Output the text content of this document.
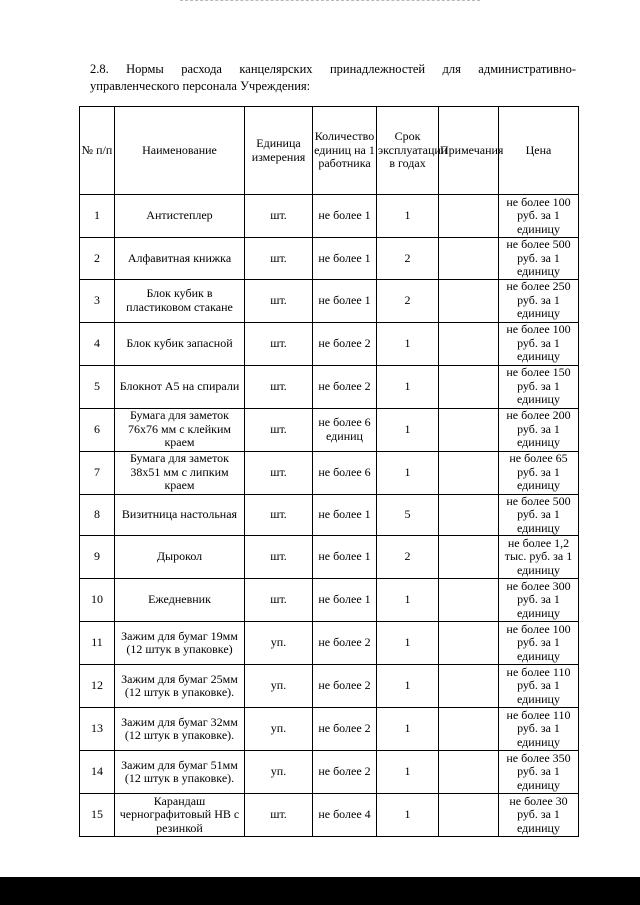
2.8. Нормы расхода канцелярских принадлежностей для административно-
управленческого персонала Учреждения:
№ п/п	Наименование	Единица измерения	Количество единиц на 1 работника	Срок эксплуатации в годах	Примечания	Цена
1	Антистеплер	шт.	не более 1	1		не более 100 руб. за 1 единицу
2	Алфавитная книжка	шт.	не более 1	2		не более 500 руб. за 1 единицу
3	Блок кубик в пластиковом стакане	шт.	не более 1	2		не более 250 руб. за 1 единицу
4	Блок кубик запасной	шт.	не более 2	1		не более 100 руб. за 1 единицу
5	Блокнот А5 на спирали	шт.	не более 2	1		не более 150 руб. за 1 единицу
6	Бумага для заметок 76х76 мм с клейким краем	шт.	не более 6 единиц	1		не более 200 руб. за 1 единицу
7	Бумага для заметок 38х51 мм с липким краем	шт.	не более 6	1		не более 65 руб. за 1 единицу
8	Визитница настольная	шт.	не более 1	5		не более 500 руб. за 1 единицу
9	Дырокол	шт.	не более 1	2		не более 1,2 тыс. руб. за 1 единицу
10	Ежедневник	шт.	не более 1	1		не более 300 руб. за 1 единицу
11	Зажим для бумаг 19мм (12 штук в упаковке)	уп.	не более 2	1		не более 100 руб. за 1 единицу
12	Зажим для бумаг 25мм (12 штук в упаковке).	уп.	не более 2	1		не более 110 руб. за 1 единицу
13	Зажим для бумаг 32мм (12 штук в упаковке).	уп.	не более 2	1		не более 110 руб. за 1 единицу
14	Зажим для бумаг 51мм (12 штук в упаковке).	уп.	не более 2	1		не более 350 руб. за 1 единицу
15	Карандаш чернографитовый НВ с резинкой	шт.	не более 4	1		не более 30 руб. за 1 единицу
